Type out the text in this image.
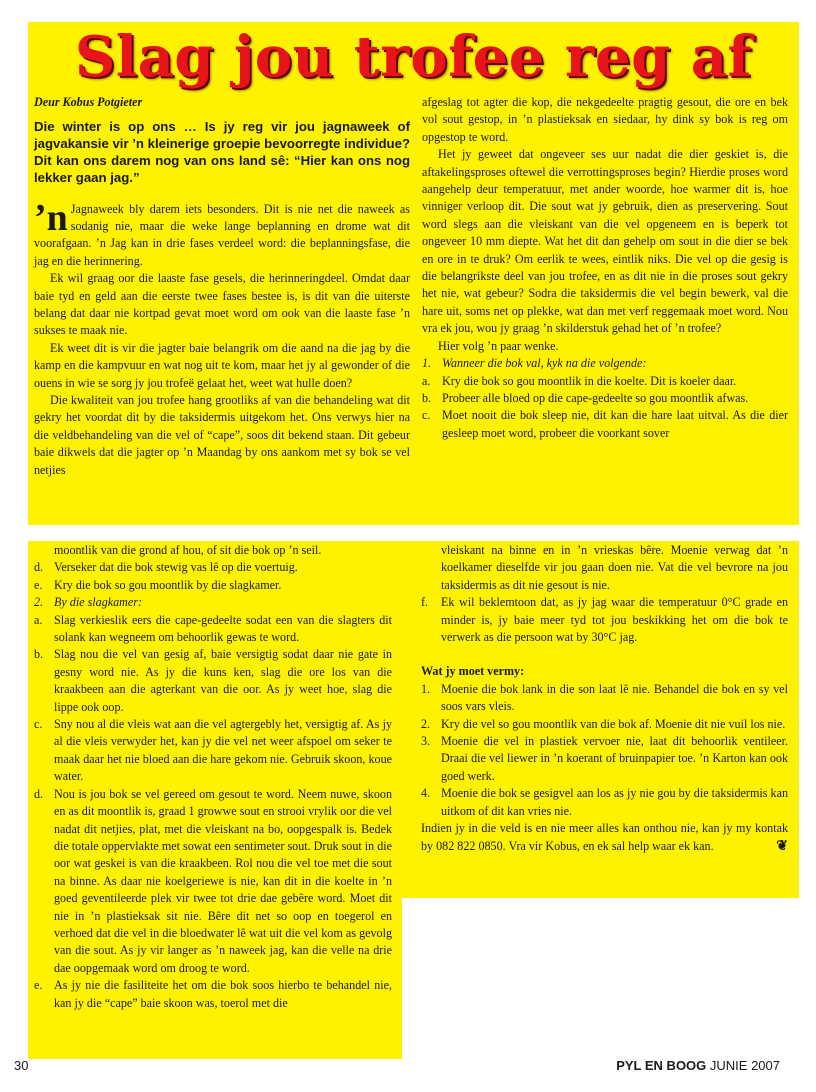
Slag jou trofee reg af

Deur Kobus Potgieter

Die winter is op ons … Is jy reg vir jou jagnaweek of jagvakansie vir ’n kleinerige groepie bevoorregte individue? Dit kan ons darem nog van ons land sê: “Hier kan ons nog lekker gaan jag.”

’n Jagnaweek bly darem iets besonders. Dit is nie net die naweek as sodanig nie, maar die weke lange beplanning en drome wat dit voorafgaan. ’n Jag kan in drie fases verdeel word: die beplanningsfase, die jag en die herinnering.

Ek wil graag oor die laaste fase gesels, die herinneringdeel. Omdat daar baie tyd en geld aan die eerste twee fases bestee is, is dit van die uiterste belang dat daar nie kortpad gevat moet word om ook van die laaste fase ’n sukses te maak nie.

Ek weet dit is vir die jagter baie belangrik om die aand na die jag by die kamp en die kampvuur en wat nog uit te kom, maar het jy al gewonder of die ouens in wie se sorg jy jou trofeë gelaat het, weet wat hulle doen?

Die kwaliteit van jou trofee hang grootliks af van die behandeling wat dit gekry het voordat dit by die taksidermis uitgekom het. Ons verwys hier na die veldbehandeling van die vel of “cape”, soos dit bekend staan. Dit gebeur baie dikwels dat die jagter op ’n Maandag by ons aankom met sy bok se vel netjies

afgeslag tot agter die kop, die nekgedeelte pragtig gesout, die ore en bek vol sout gestop, in ’n plastieksak en siedaar, hy dink sy bok is reg om opgestop te word.

Het jy geweet dat ongeveer ses uur nadat die dier geskiet is, die aftakelingsproses oftewel die verrottingsproses begin? Hierdie proses word aangehelp deur temperatuur, met ander woorde, hoe warmer dit is, hoe vinniger verloop dit. Die sout wat jy gebruik, dien as preservering. Sout word slegs aan die vleiskant van die vel opgeneem en is beperk tot ongeveer 10 mm diepte. Wat het dit dan gehelp om sout in die dier se bek en ore in te druk? Om eerlik te wees, eintlik niks. Die vel op die gesig is die belangrikste deel van jou trofee, en as dit nie in die proses sout gekry het nie, wat gebeur? Sodra die taksidermis die vel begin bewerk, val die hare uit, soms net op plekke, wat dan met verf reggemaak moet word. Nou vra ek jou, wou jy graag ’n skilderstuk gehad het of ’n trofee?

Hier volg ’n paar wenke.

1. Wanneer die bok val, kyk na die volgende:
a. Kry die bok so gou moontlik in die koelte. Dit is koeler daar.
b. Probeer alle bloed op die cape-gedeelte so gou moontlik afwas.
c. Moet nooit die bok sleep nie, dit kan die hare laat uitval. As die dier gesleep moet word, probeer die voorkant sover

moontlik van die grond af hou, of sit die bok op ’n seil.

d. Verseker dat die bok stewig vas lê op die voertuig.
e. Kry die bok so gou moontlik by die slagkamer.
2. By die slagkamer:
a. Slag verkieslik eers die cape-gedeelte sodat een van die slagters dit solank kan wegneem om behoorlik gewas te word.
b. Slag nou die vel van gesig af, baie versigtig sodat daar nie gate in gesny word nie. As jy die kuns ken, slag die ore los van die kraakbeen aan die agterkant van die oor. As jy weet hoe, slag die lippe ook oop.
c. Sny nou al die vleis wat aan die vel agtergebly het, versigtig af. As jy al die vleis verwyder het, kan jy die vel net weer afspoel om seker te maak daar het nie bloed aan die hare gekom nie. Gebruik skoon, koue water.
d. Nou is jou bok se vel gereed om gesout te word. Neem nuwe, skoon en as dit moontlik is, graad 1 growwe sout en strooi vrylik oor die vel nadat dit netjies, plat, met die vleiskant na bo, oopgespalk is. Bedek die totale oppervlakte met sowat een sentimeter sout. Druk sout in die oor wat geskei is van die kraakbeen. Rol nou die vel toe met die sout na binne. As daar nie koelgeriewe is nie, kan dit in die koelte in ’n goed geventileerde plek vir twee tot drie dae gebêre word. Moet dit nie in ’n plastieksak sit nie. Bêre dit net so oop en toegerol en verhoed dat die vel in die bloedwater lê wat uit die vel kom as gevolg van die sout. As jy vir langer as ’n naweek jag, kan die velle na drie dae oopgemaak word om droog te word.
e. As jy nie die fasiliteite het om die bok soos hierbo te behandel nie, kan jy die “cape” baie skoon was, toerol met die

vleiskant na binne en in ’n vrieskas bêre. Moenie verwag dat ’n koelkamer dieselfde vir jou gaan doen nie. Vat die vel bevrore na jou taksidermis as dit nie gesout is nie.

f.	Ek wil beklemtoon dat, as jy jag waar die temperatuur 0°C grade en minder is, jy baie meer tyd tot jou beskikking het om die bok te verwerk as die persoon wat by 30°C jag.

Wat jy moet vermy:

1. Moenie die bok lank in die son laat lê nie. Behandel die bok en sy vel soos vars vleis.
2. Kry die vel so gou moontlik van die bok af. Moenie dit nie vuil los nie.
3. Moenie die vel in plastiek vervoer nie, laat dit behoorlik ventileer. Draai die vel liewer in ’n koerant of bruinpapier toe. ’n Karton kan ook goed werk.
4. Moenie die bok se gesigvel aan los as jy nie gou by die taksidermis kan uitkom of dit kan vries nie.

Indien jy in die veld is en nie meer alles kan onthou nie, kan jy my kontak by 082 822 0850. Vra vir Kobus, en ek sal help waar ek kan.	❦

30	PYL EN BOOG JUNIE 2007
